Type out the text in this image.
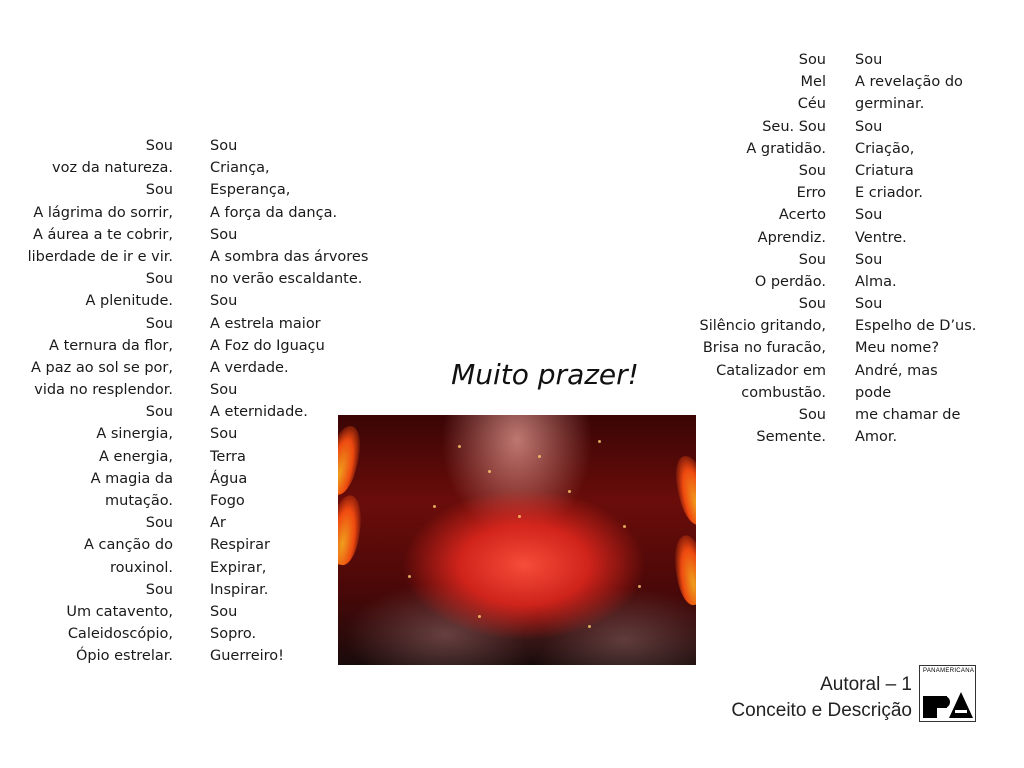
Sou
voz da natureza.
Sou
A lágrima do sorrir,
A áurea a te cobrir,
liberdade de ir e vir.
Sou
A plenitude.
Sou
A ternura da flor,
A paz ao sol se por,
vida no resplendor.
Sou
A sinergia,
A energia,
A magia da
mutação.
Sou
A canção do
rouxinol.
Sou
Um catavento,
Caleidoscópio,
Ópio estrelar.
Sou
Criança,
Esperança,
A força da dança.
Sou
A sombra das árvores
no verão escaldante.
Sou
A estrela maior
A Foz do Iguaçu
A verdade.
Sou
A eternidade.
Sou
Terra
Água
Fogo
Ar
Respirar
Expirar,
Inspirar.
Sou
Sopro.
Guerreiro!
Sou
Mel
Céu
Seu. Sou
A gratidão.
Sou
Erro
Acerto
Aprendiz.
Sou
O perdão.
Sou
Silêncio gritando,
Brisa no furacão,
Catalizador em
combustão.
Sou
Semente.
Sou
A revelação do
germinar.
Sou
Criação,
Criatura
E criador.
Sou
Ventre.
Sou
Alma.
Sou
Espelho de D’us.
Meu nome?
André, mas
pode
me chamar de
Amor.
Muito prazer!
Autoral – 1
Conceito e Descrição
PANAMERICANA
